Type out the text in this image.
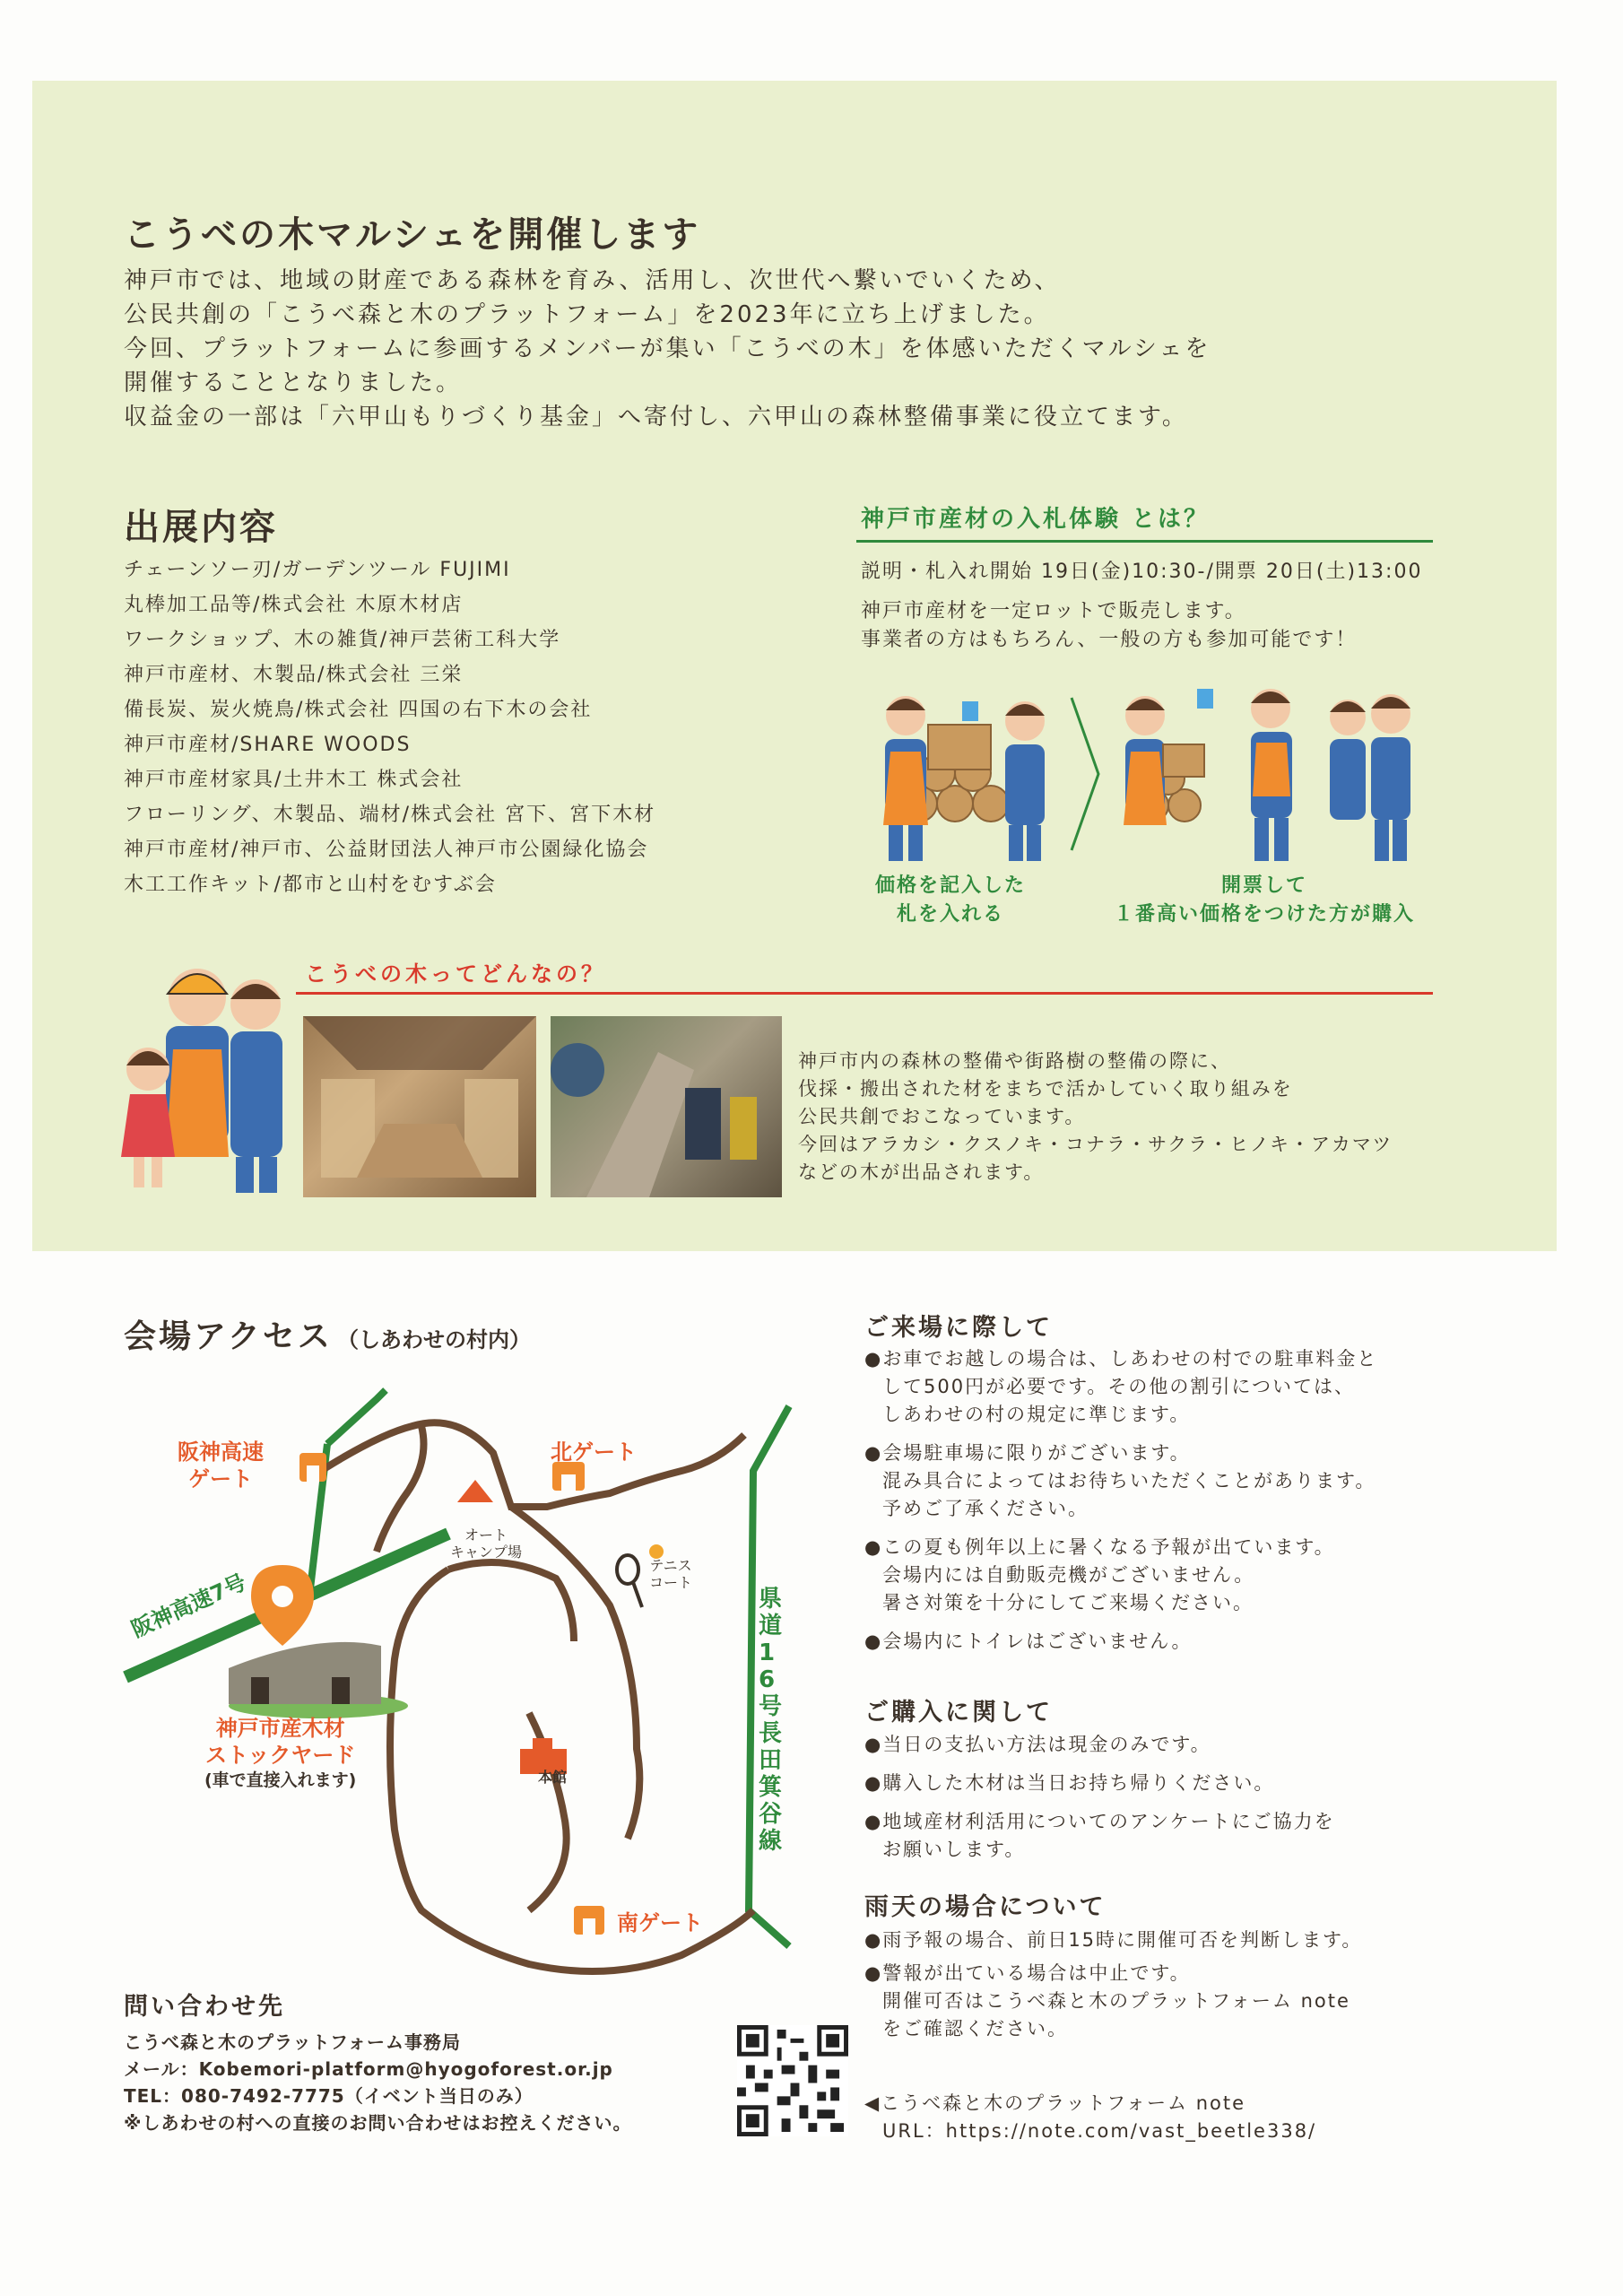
こうべの木マルシェを開催します

神戸市では、地域の財産である森林を育み、活用し、次世代へ繋いでいくため、

公民共創の「こうべ森と木のプラットフォーム」を2023年に立ち上げました。

今回、プラットフォームに参画するメンバーが集い「こうべの木」を体感いただくマルシェを

開催することとなりました。

収益金の一部は「六甲山もりづくり基金」へ寄付し、六甲山の森林整備事業に役立てます。

出展内容
チェーンソー刃/ガーデンツール FUJIMI
丸棒加工品等/株式会社 木原木材店
ワークショップ、木の雑貨/神戸芸術工科大学
神戸市産材、木製品/株式会社 三栄
備長炭、炭火焼鳥/株式会社 四国の右下木の会社
神戸市産材/SHARE WOODS
神戸市産材家具/土井木工 株式会社
フローリング、木製品、端材/株式会社 宮下、宮下木材
神戸市産材/神戸市、公益財団法人神戸市公園緑化協会
木工工作キット/都市と山村をむすぶ会
神戸市産材の入札体験 とは？
説明・札入れ開始 19日(金)10:30-/開票 20日(土)13:00
神戸市産材を一定ロットで販売します。
事業者の方はもちろん、一般の方も参加可能です！
価格を記入した
札を入れる
開票して
１番高い価格をつけた方が購入
こうべの木ってどんなの？

神戸市内の森林の整備や街路樹の整備の際に、

伐採・搬出された材をまちで活かしていく取り組みを

公民共創でおこなっています。

今回はアラカシ・クスノキ・コナラ・サクラ・ヒノキ・アカマツ

などの木が出品されます。

会場アクセス （しあわせの村内）
阪神高速
ゲート
北ゲート
南ゲート
オート
キャンプ場
テニス
コート
本館
阪神高速7号	県道16号長田箕谷線
神戸市産木材
ストックヤード
(車で直接入れます)
問い合わせ先
こうべ森と木のプラットフォーム事務局
メール：Kobemori-platform@hyogoforest.or.jp
TEL：080-7492-7775（イベント当日のみ）
※しあわせの村への直接のお問い合わせはお控えください。
ご来場に際して

●お車でお越しの場合は、しあわせの村での駐車料金と

して500円が必要です。その他の割引については、

しあわせの村の規定に準じます。

●会場駐車場に限りがございます。

混み具合によってはお待ちいただくことがあります。

予めご了承ください。

●この夏も例年以上に暑くなる予報が出ています。

会場内には自動販売機がございません。

暑さ対策を十分にしてご来場ください。

●会場内にトイレはございません。

ご購入に関して

●当日の支払い方法は現金のみです。

●購入した木材は当日お持ち帰りください。

●地域産材利活用についてのアンケートにご協力を

お願いします。

雨天の場合について

●雨予報の場合、前日15時に開催可否を判断します。

●警報が出ている場合は中止です。

開催可否はこうべ森と木のプラットフォーム note

をご確認ください。

◀こうべ森と木のプラットフォーム note

URL：https://note.com/vast_beetle338/
